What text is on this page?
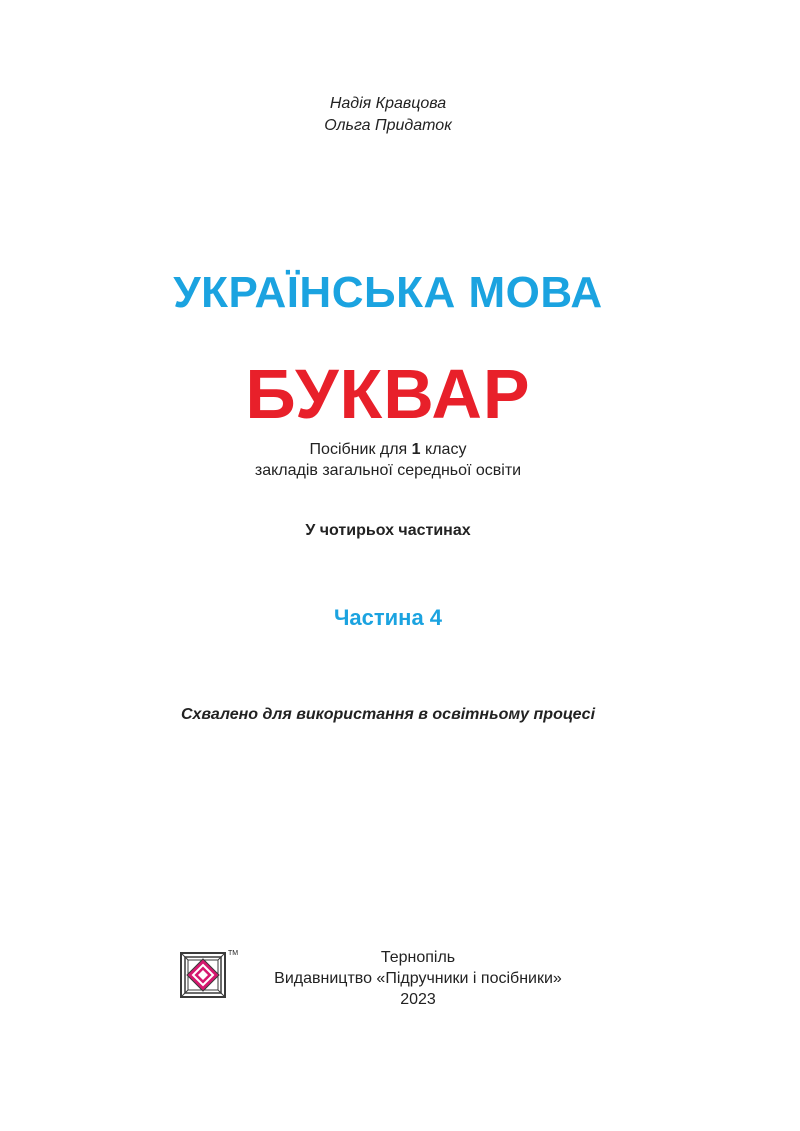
Надія Кравцова
Ольга Придаток
УКРАЇНСЬКА МОВА
БУКВАР
Посібник для 1 класу
закладів загальної середньої освіти
У чотирьох частинах
Частина 4
Схвалено для використання в освітньому процесі
TM	Тернопіль
Видавництво «Підручники і посібники»
2023
